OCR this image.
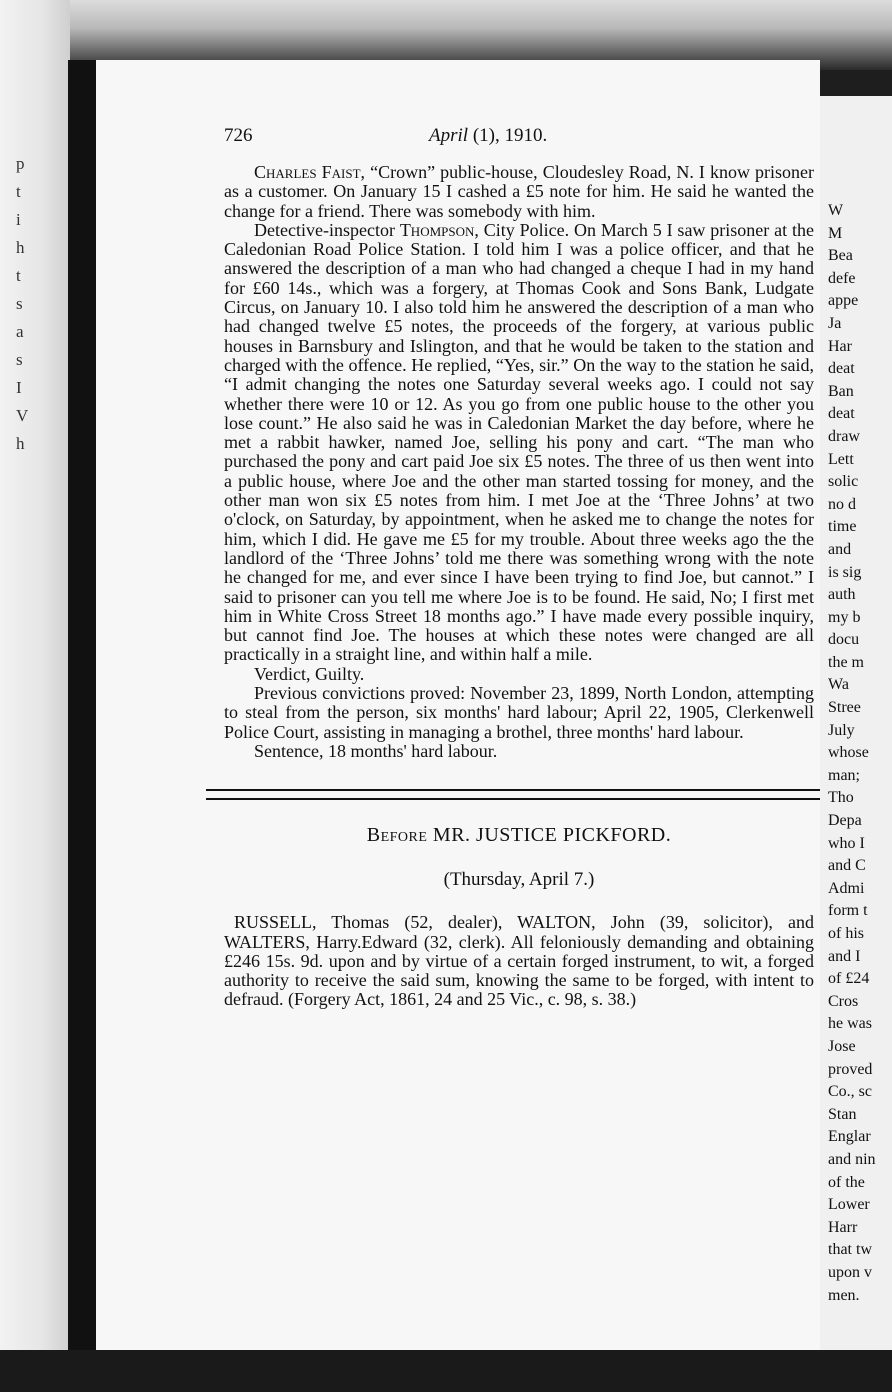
p
t
i
h
t
s
a
s
I
V
h
726	April (1), 1910.

Charles Faist, “Crown” public-house, Cloudesley Road, N. I know prisoner as a customer. On January 15 I cashed a £5 note for him. He said he wanted the change for a friend. There was somebody with him.

Detective-inspector Thompson, City Police. On March 5 I saw prisoner at the Caledonian Road Police Station. I told him I was a police officer, and that he answered the description of a man who had changed a cheque I had in my hand for £60 14s., which was a forgery, at Thomas Cook and Sons Bank, Ludgate Circus, on January 10. I also told him he answered the description of a man who had changed twelve £5 notes, the proceeds of the forgery, at various public houses in Barnsbury and Islington, and that he would be taken to the station and charged with the offence. He replied, “Yes, sir.” On the way to the station he said, “I admit changing the notes one Saturday several weeks ago. I could not say whether there were 10 or 12. As you go from one public house to the other you lose count.” He also said he was in Caledonian Market the day before, where he met a rabbit hawker, named Joe, selling his pony and cart. “The man who purchased the pony and cart paid Joe six £5 notes. The three of us then went into a public house, where Joe and the other man started tossing for money, and the other man won six £5 notes from him. I met Joe at the ‘Three Johns’ at two o'clock, on Saturday, by appointment, when he asked me to change the notes for him, which I did. He gave me £5 for my trouble. About three weeks ago the the landlord of the ‘Three Johns’ told me there was something wrong with the note he changed for me, and ever since I have been trying to find Joe, but cannot.” I said to prisoner can you tell me where Joe is to be found. He said, No; I first met him in White Cross Street 18 months ago.” I have made every possible inquiry, but cannot find Joe. The houses at which these notes were changed are all practically in a straight line, and within half a mile.

Verdict, Guilty.

Previous convictions proved: November 23, 1899, North London, attempting to steal from the person, six months' hard labour; April 22, 1905, Clerkenwell Police Court, assisting in managing a brothel, three months' hard labour.

Sentence, 18 months' hard labour.

Before MR. JUSTICE PICKFORD.
(Thursday, April 7.)

RUSSELL, Thomas (52, dealer), WALTON, John (39, solicitor), and WALTERS, Harry.Edward (32, clerk). All feloniously demanding and obtaining £246 15s. 9d. upon and by virtue of a certain forged instrument, to wit, a forged authority to receive the said sum, knowing the same to be forged, with intent to defraud. (Forgery Act, 1861, 24 and 25 Vic., c. 98, s. 38.)

W
M
Bea
defe
appe
Ja
Har
deat
Ban
deat
draw
Lett
solic
no d
time
and
is sig
auth
my b
docu
the m
Wa
Stree
July
whose
man;
Tho
Depa
who I
and C
Admi
form t
of his
and I
of £24
Cros
he was
Jose
proved
Co., sc
Stan
Englar
and nin
of the
Lower
Harr
that tw
upon v
men.
